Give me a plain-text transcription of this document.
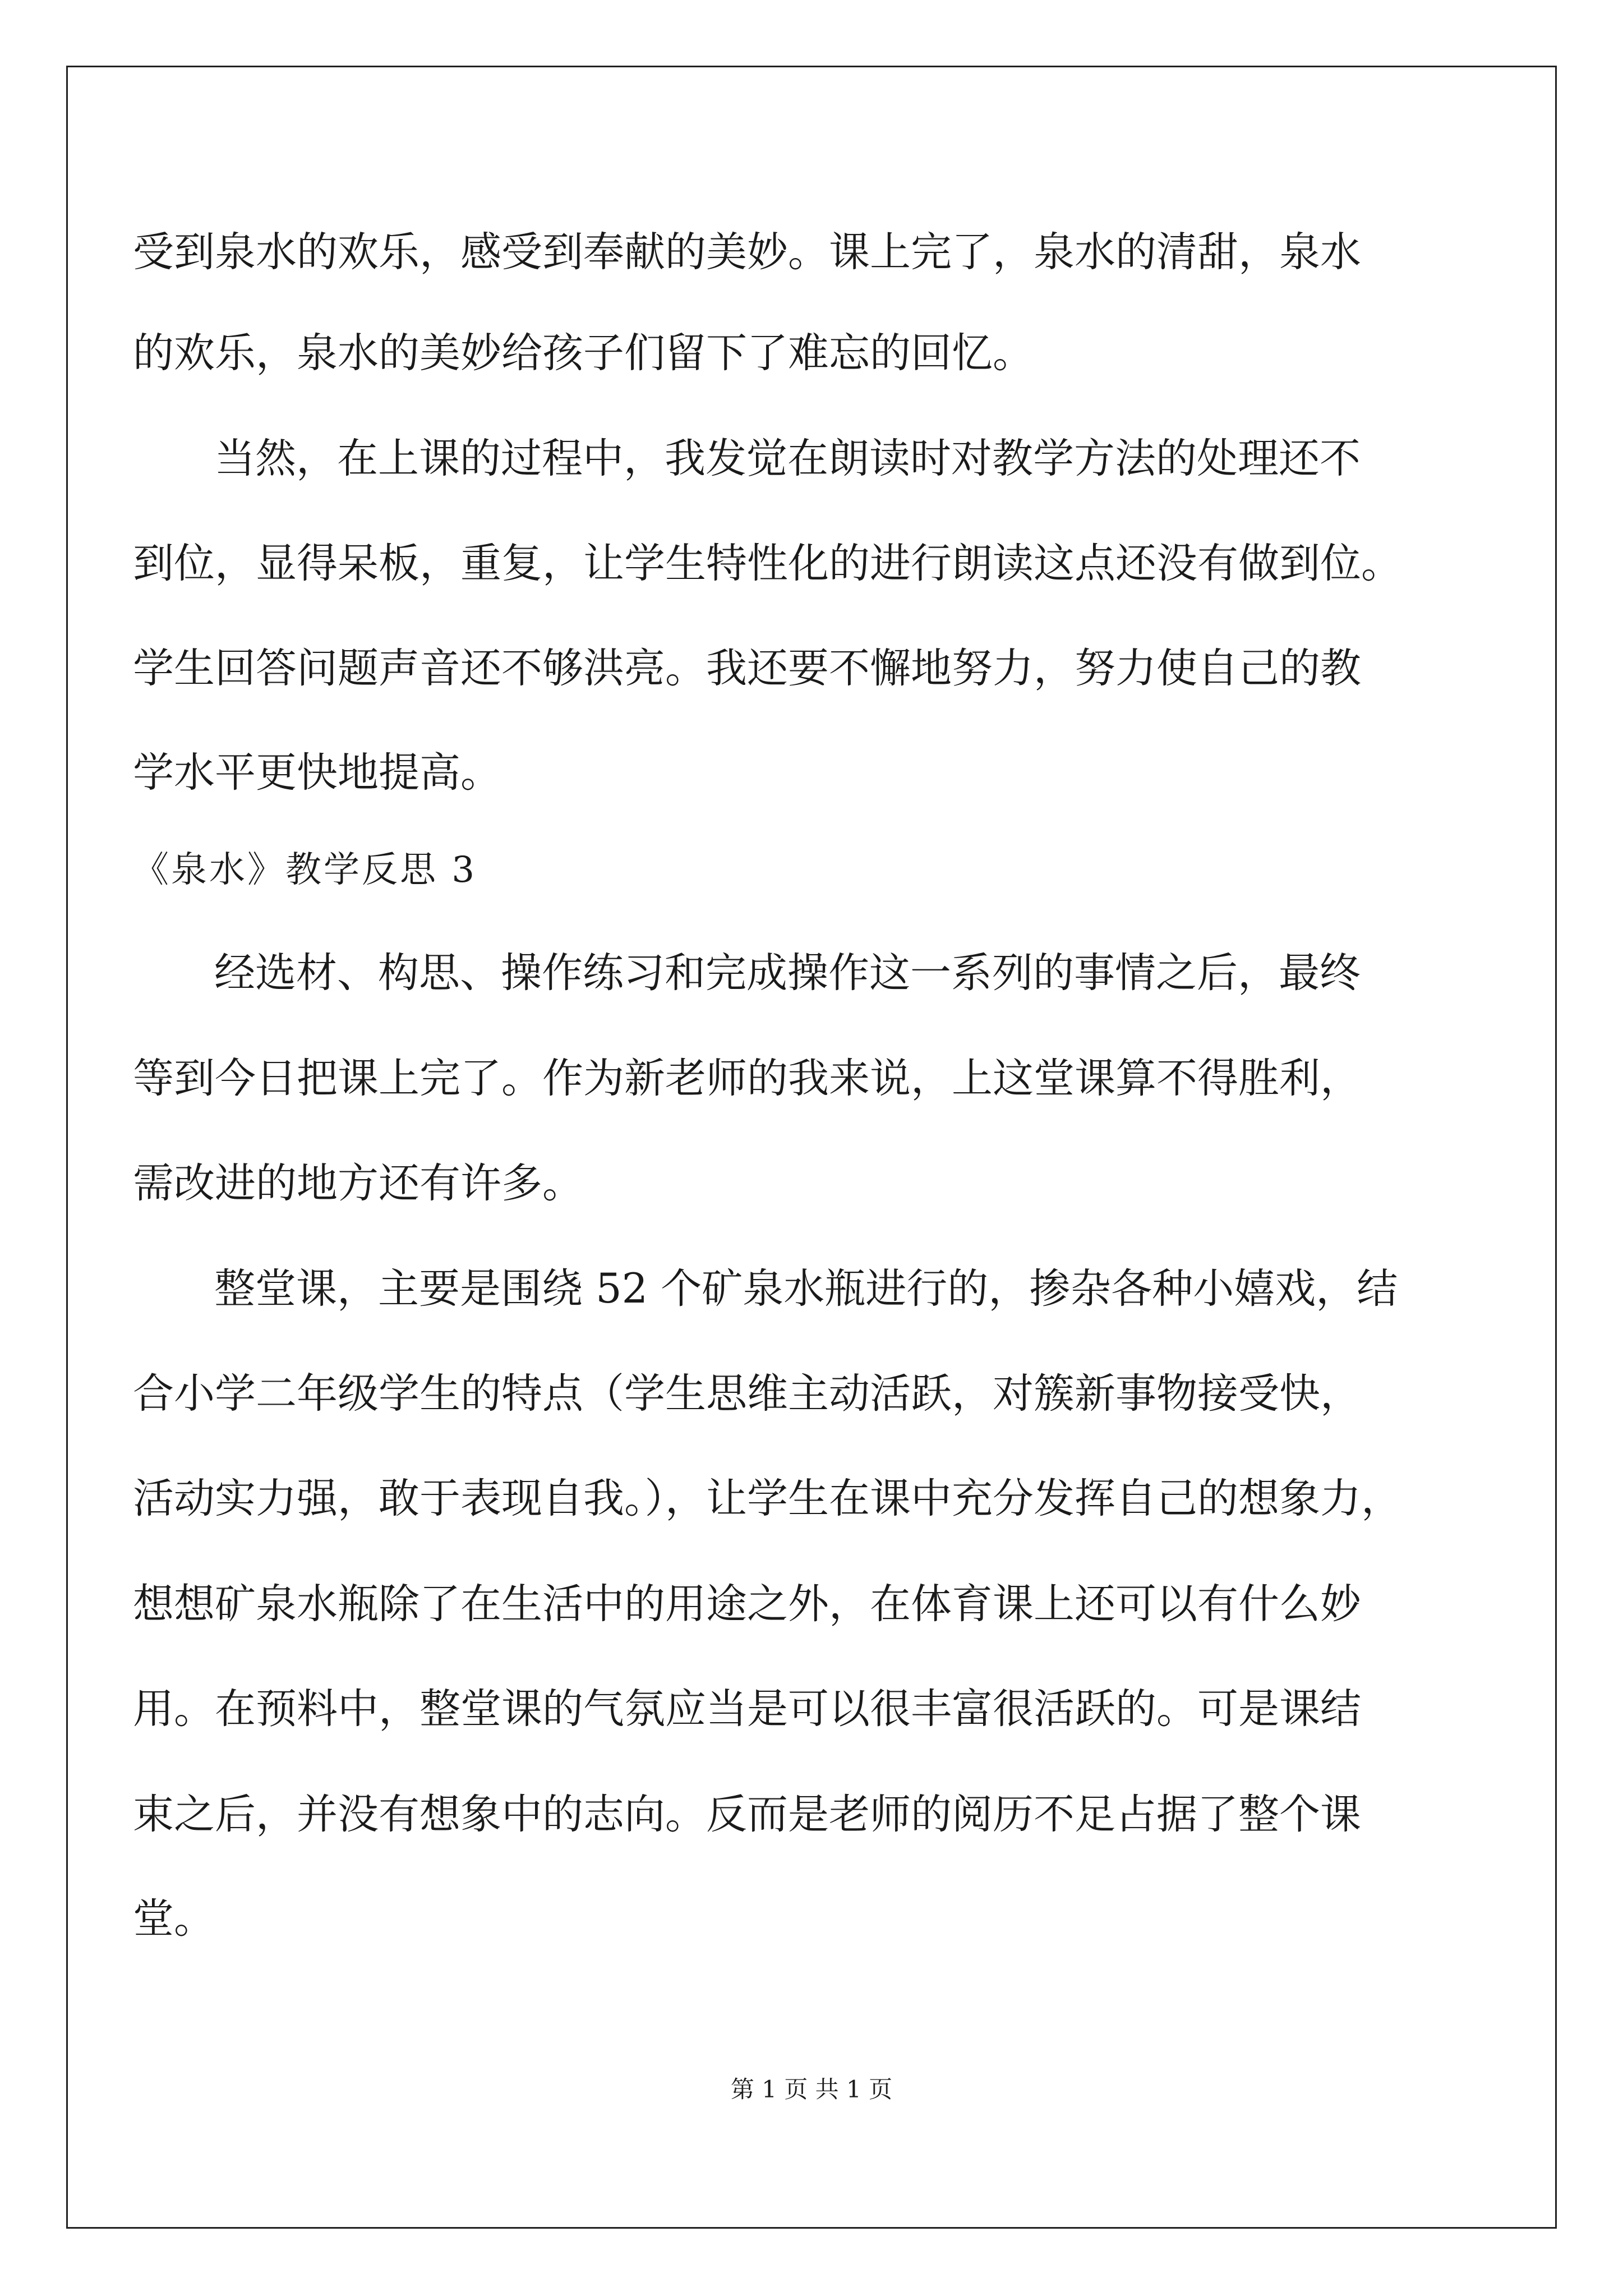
受到泉水的欢乐，感受到奉献的美妙。课上完了，泉水的清甜，泉水
的欢乐，泉水的美妙给孩子们留下了难忘的回忆。
当然，在上课的过程中，我发觉在朗读时对教学方法的处理还不
到位，显得呆板，重复，让学生特性化的进行朗读这点还没有做到位。
学生回答问题声音还不够洪亮。我还要不懈地努力，努力使自己的教
学水平更快地提高。
《泉水》教学反思 3
经选材、构思、操作练习和完成操作这一系列的事情之后，最终
等到今日把课上完了。作为新老师的我来说，上这堂课算不得胜利，
需改进的地方还有许多。
整堂课，主要是围绕 52 个矿泉水瓶进行的，掺杂各种小嬉戏，结
合小学二年级学生的特点（学生思维主动活跃，对簇新事物接受快，
活动实力强，敢于表现自我。），让学生在课中充分发挥自己的想象力，
想想矿泉水瓶除了在生活中的用途之外，在体育课上还可以有什么妙
用。在预料中，整堂课的气氛应当是可以很丰富很活跃的。可是课结
束之后，并没有想象中的志向。反而是老师的阅历不足占据了整个课
堂。
第 1 页 共 1 页
